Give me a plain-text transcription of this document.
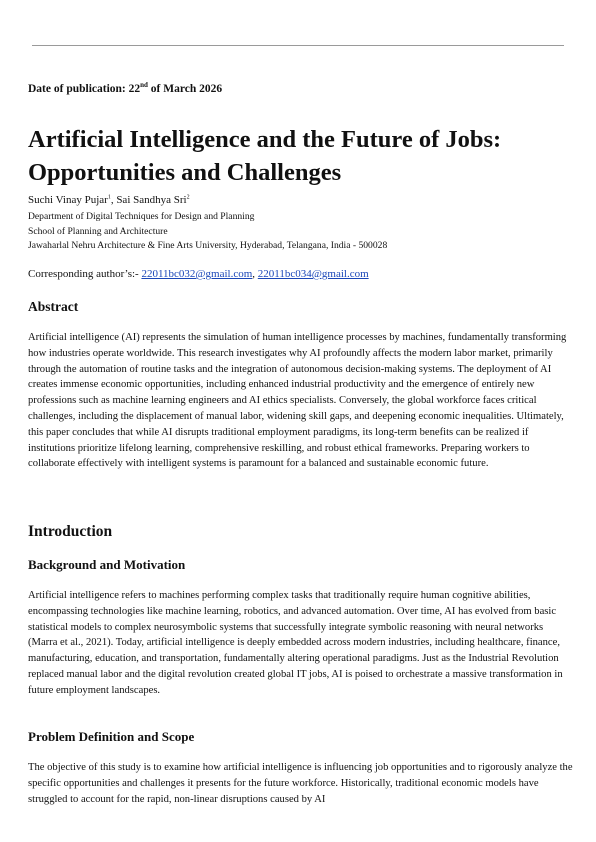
Date of publication: 22nd of March 2026
Artificial Intelligence and the Future of Jobs:
Opportunities and Challenges
Suchi Vinay Pujar$^1$, Sai Sandhya Sri$^2$
Department of Digital Techniques for Design and Planning
School of Planning and Architecture
Jawaharlal Nehru Architecture & Fine Arts University, Hyderabad, Telangana, India - 500028
Corresponding author’s:- 22011bc032@gmail.com, 22011bc034@gmail.com
Abstract

Artificial intelligence (AI) represents the simulation of human intelligence processes by machines, fundamentally transforming how industries operate worldwide. This research investigates why AI profoundly affects the modern labor market, primarily through the automation of routine tasks and the integration of autonomous decision-making systems. The deployment of AI creates immense economic opportunities, including enhanced industrial productivity and the emergence of entirely new professions such as machine learning engineers and AI ethics specialists. Conversely, the global workforce faces critical challenges, including the displacement of manual labor, widening skill gaps, and deepening economic inequalities. Ultimately, this paper concludes that while AI disrupts traditional employment paradigms, its long-term benefits can be realized if institutions prioritize lifelong learning, comprehensive reskilling, and robust ethical frameworks. Preparing workers to collaborate effectively with intelligent systems is paramount for a balanced and sustainable economic future.

Introduction
Background and Motivation

Artificial intelligence refers to machines performing complex tasks that traditionally require human cognitive abilities, encompassing technologies like machine learning, robotics, and advanced automation. Over time, AI has evolved from basic statistical models to complex neurosymbolic systems that successfully integrate symbolic reasoning with neural networks (Marra et al., 2021). Today, artificial intelligence is deeply embedded across modern industries, including healthcare, finance, manufacturing, education, and transportation, fundamentally altering operational paradigms. Just as the Industrial Revolution replaced manual labor and the digital revolution created global IT jobs, AI is poised to orchestrate a massive transformation in future employment landscapes.

Problem Definition and Scope

The objective of this study is to examine how artificial intelligence is influencing job opportunities and to rigorously analyze the specific opportunities and challenges it presents for the future workforce. Historically, traditional economic models have struggled to account for the rapid, non-linear disruptions caused by AI
